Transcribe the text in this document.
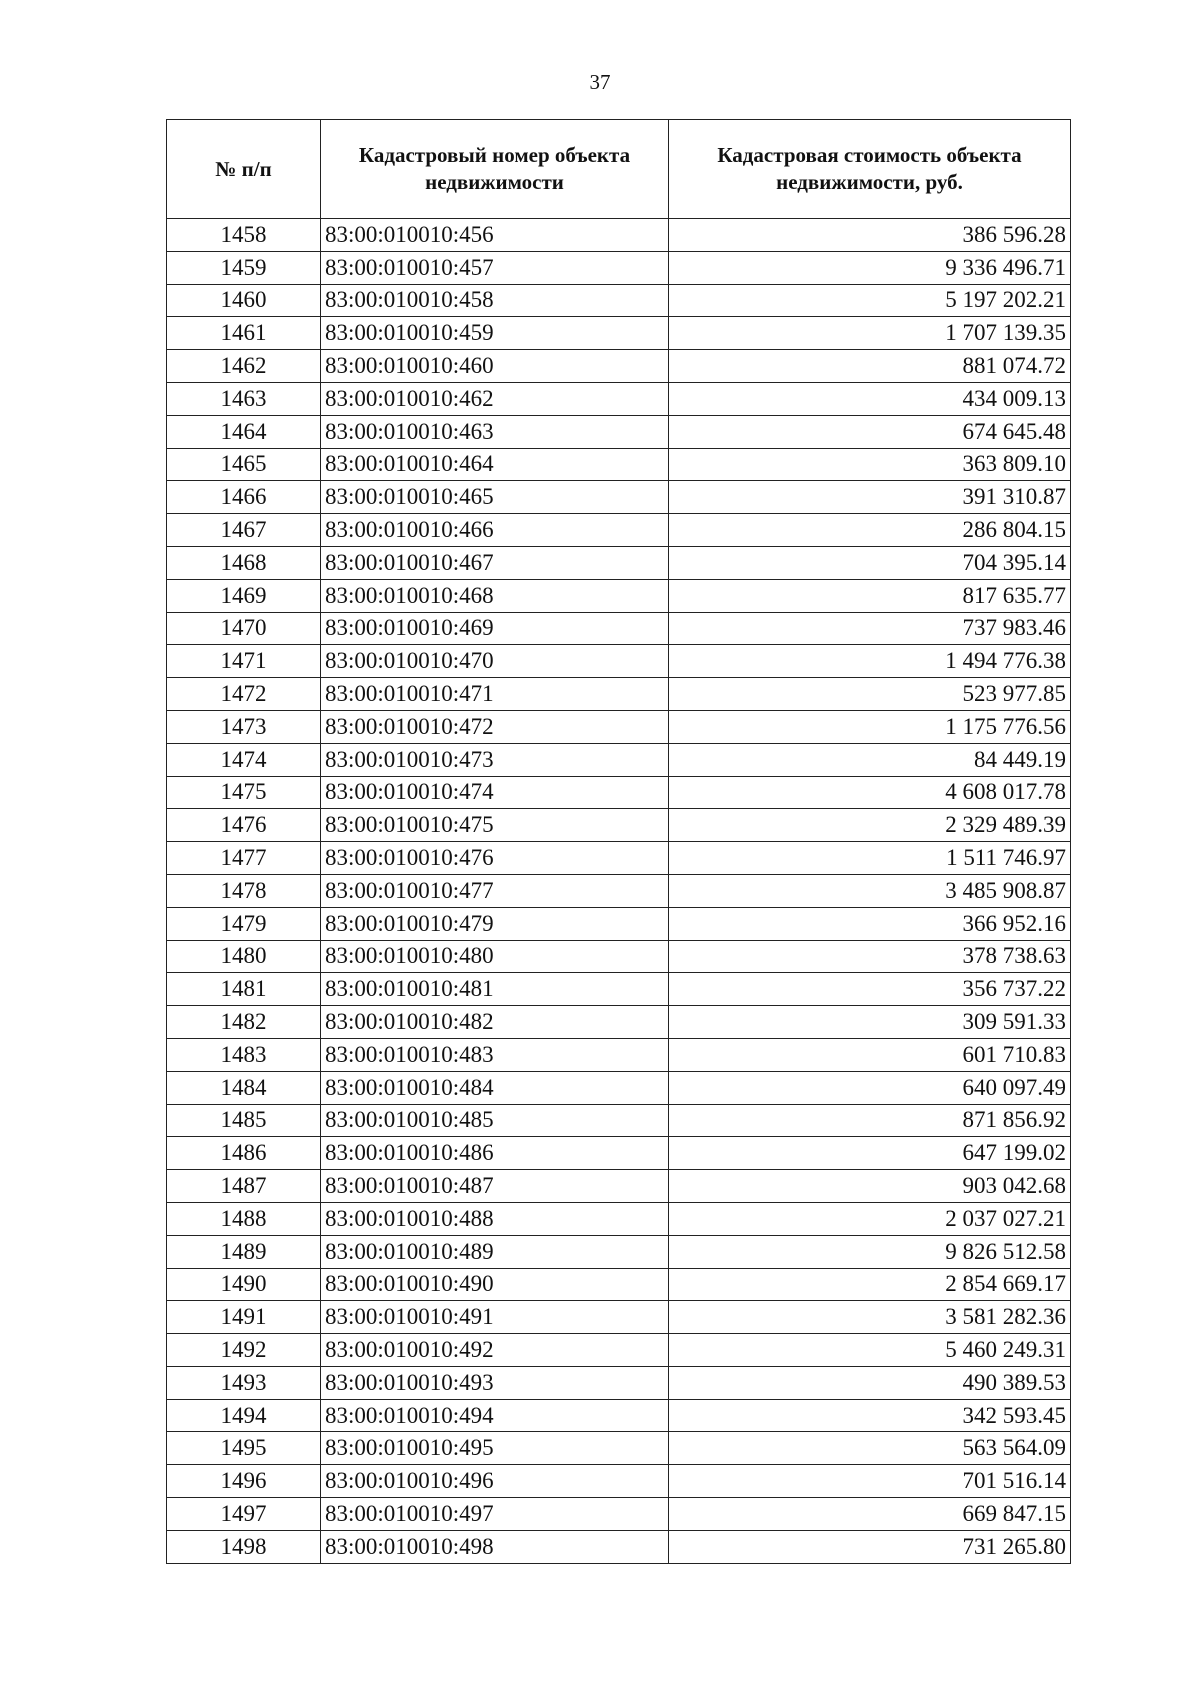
37
№ п/п	Кадастровый номер объекта недвижимости	Кадастровая стоимость объекта недвижимости, руб.
1458	83:00:010010:456	386 596.28
1459	83:00:010010:457	9 336 496.71
1460	83:00:010010:458	5 197 202.21
1461	83:00:010010:459	1 707 139.35
1462	83:00:010010:460	881 074.72
1463	83:00:010010:462	434 009.13
1464	83:00:010010:463	674 645.48
1465	83:00:010010:464	363 809.10
1466	83:00:010010:465	391 310.87
1467	83:00:010010:466	286 804.15
1468	83:00:010010:467	704 395.14
1469	83:00:010010:468	817 635.77
1470	83:00:010010:469	737 983.46
1471	83:00:010010:470	1 494 776.38
1472	83:00:010010:471	523 977.85
1473	83:00:010010:472	1 175 776.56
1474	83:00:010010:473	84 449.19
1475	83:00:010010:474	4 608 017.78
1476	83:00:010010:475	2 329 489.39
1477	83:00:010010:476	1 511 746.97
1478	83:00:010010:477	3 485 908.87
1479	83:00:010010:479	366 952.16
1480	83:00:010010:480	378 738.63
1481	83:00:010010:481	356 737.22
1482	83:00:010010:482	309 591.33
1483	83:00:010010:483	601 710.83
1484	83:00:010010:484	640 097.49
1485	83:00:010010:485	871 856.92
1486	83:00:010010:486	647 199.02
1487	83:00:010010:487	903 042.68
1488	83:00:010010:488	2 037 027.21
1489	83:00:010010:489	9 826 512.58
1490	83:00:010010:490	2 854 669.17
1491	83:00:010010:491	3 581 282.36
1492	83:00:010010:492	5 460 249.31
1493	83:00:010010:493	490 389.53
1494	83:00:010010:494	342 593.45
1495	83:00:010010:495	563 564.09
1496	83:00:010010:496	701 516.14
1497	83:00:010010:497	669 847.15
1498	83:00:010010:498	731 265.80
